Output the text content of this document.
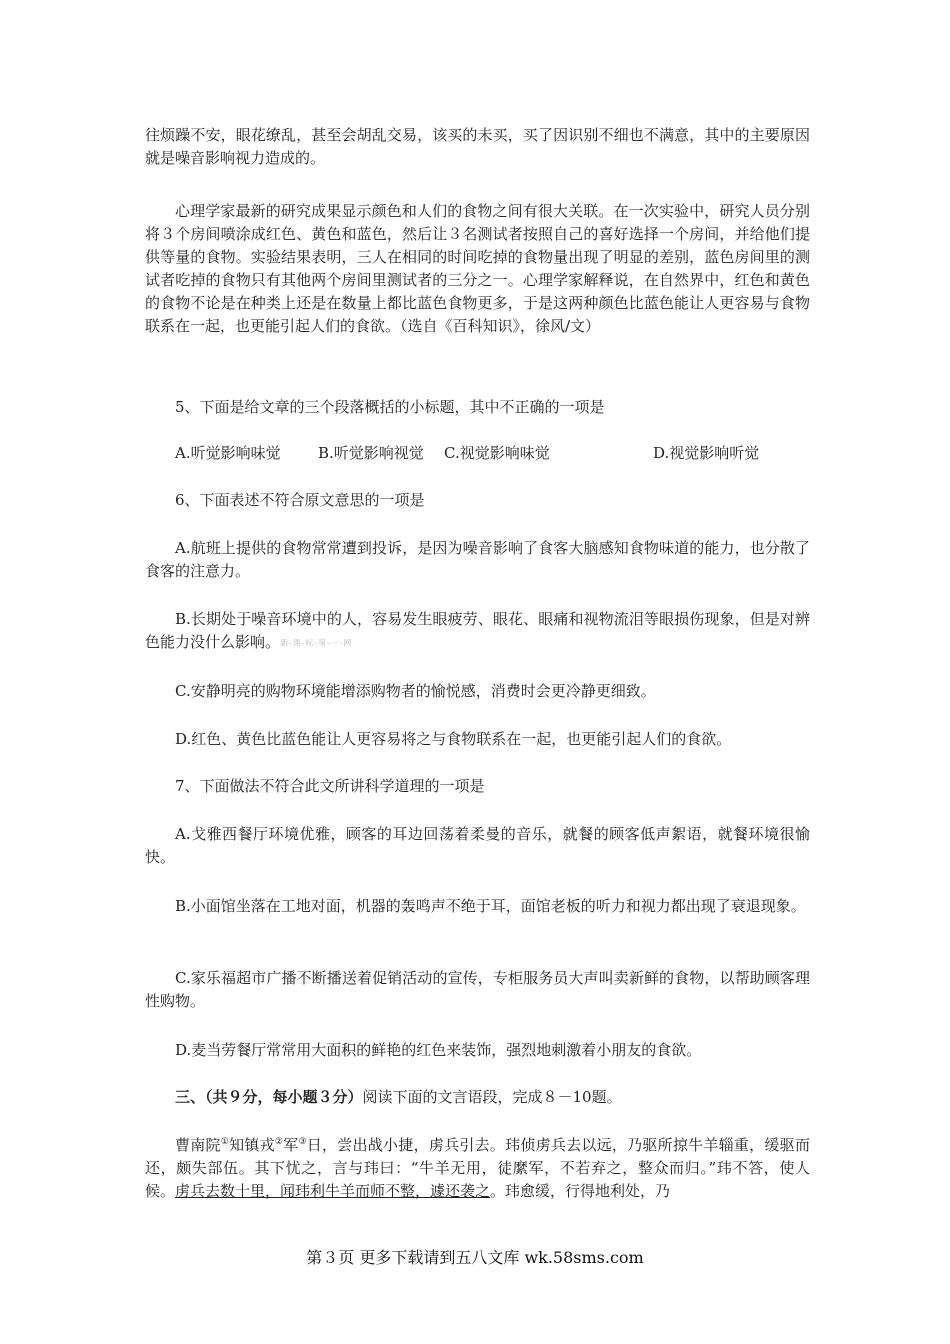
往烦躁不安，眼花缭乱，甚至会胡乱交易，该买的未买，买了因识别不细也不满意，其中的主要原因就是噪音影响视力造成的。

心理学家最新的研究成果显示颜色和人们的食物之间有很大关联。在一次实验中，研究人员分别将３个房间喷涂成红色、黄色和蓝色，然后让３名测试者按照自己的喜好选择一个房间，并给他们提供等量的食物。实验结果表明，三人在相同的时间吃掉的食物量出现了明显的差别，蓝色房间里的测试者吃掉的食物只有其他两个房间里测试者的三分之一。心理学家解释说，在自然界中，红色和黄色的食物不论是在种类上还是在数量上都比蓝色食物更多，于是这两种颜色比蓝色能让人更容易与食物联系在一起，也更能引起人们的食欲。（选自《百科知识》，徐风/文）

5、下面是给文章的三个段落概括的小标题，其中不正确的一项是

A.听觉影响味觉 B.听觉影响视觉 C.视觉影响味觉	D.视觉影响听觉

6、下面表述不符合原文意思的一项是

A.航班上提供的食物常常遭到投诉，是因为噪音影响了食客大脑感知食物味道的能力，也分散了食客的注意力。

B.长期处于噪音环境中的人，容易发生眼疲劳、眼花、眼痛和视物流泪等眼损伤现象，但是对辨色能力没什么影响。新-课-标-第-一-网

C.安静明亮的购物环境能增添购物者的愉悦感，消费时会更冷静更细致。

D.红色、黄色比蓝色能让人更容易将之与食物联系在一起，也更能引起人们的食欲。

7、下面做法不符合此文所讲科学道理的一项是

A.戈雅西餐厅环境优雅，顾客的耳边回荡着柔曼的音乐，就餐的顾客低声絮语，就餐环境很愉快。

B.小面馆坐落在工地对面，机器的轰鸣声不绝于耳，面馆老板的听力和视力都出现了衰退现象。

C.家乐福超市广播不断播送着促销活动的宣传，专柜服务员大声叫卖新鲜的食物，以帮助顾客理性购物。

D.麦当劳餐厅常常用大面积的鲜艳的红色来装饰，强烈地刺激着小朋友的食欲。

三、（共９分，每小题３分）阅读下面的文言语段，完成８－10题。

曹南院①知镇戎②军③日，尝出战小捷，虏兵引去。玮侦虏兵去以远，乃驱所掠牛羊辎重，缓驱而还，颇失部伍。其下忧之，言与玮曰：“牛羊无用，徒縻军，不若弃之，整众而归。”玮不答，使人候。虏兵去数十里，闻玮利牛羊而师不整，遽还袭之。玮愈缓，行得地利处，乃

第３页 更多下载请到五八文库 wk.58sms.com
